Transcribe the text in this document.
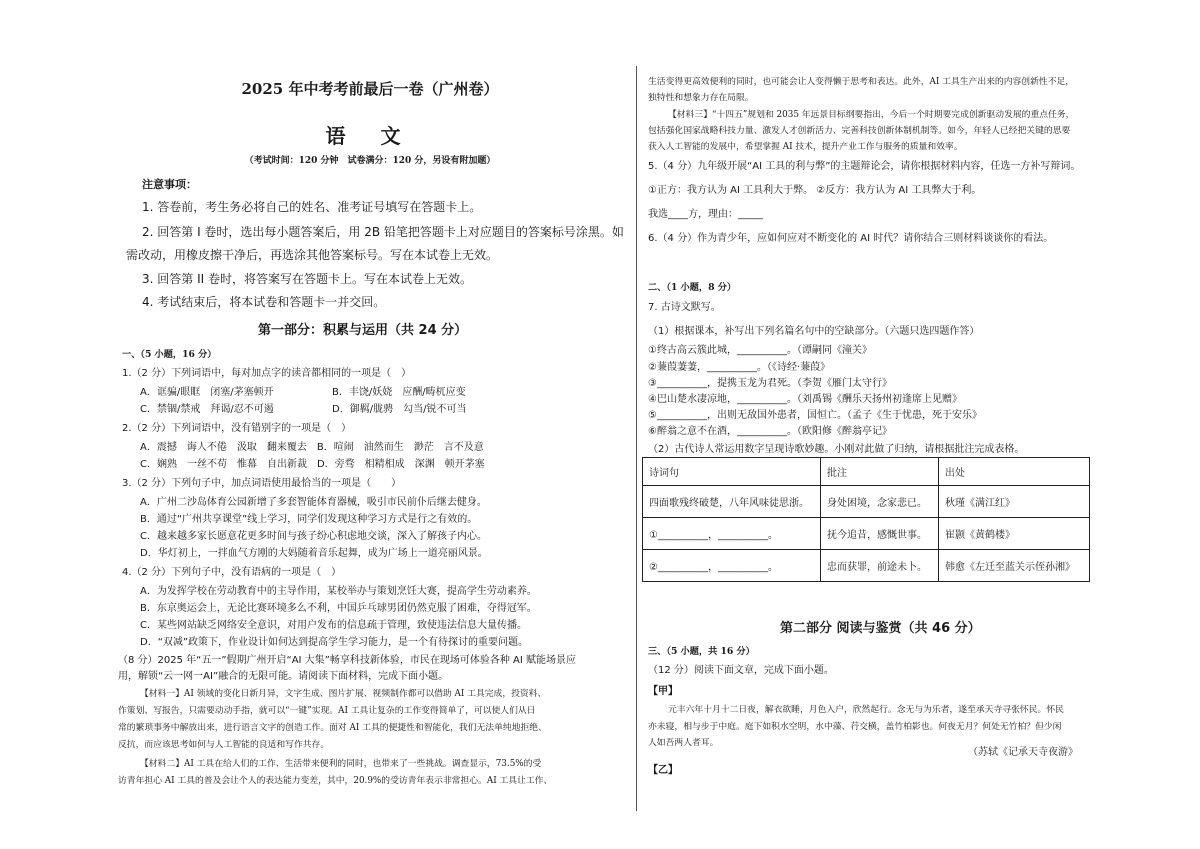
2025 年中考考前最后一卷（广州卷）
语 文
（考试时间：120 分钟　试卷满分：120 分，另设有附加题）
注意事项：
1. 答卷前，考生务必将自己的姓名、准考证号填写在答题卡上。
2. 回答第 I 卷时，选出每小题答案后，用 2B 铅笔把答题卡上对应题目的答案标号涂黑。如
需改动，用橡皮擦干净后，再选涂其他答案标号。写在本试卷上无效。
3. 回答第 II 卷时，将答案写在答题卡上。写在本试卷上无效。
4. 考试结束后，将本试卷和答题卡一并交回。
第一部分：积累与运用（共 24 分）
一、（5 小题，16 分）
1.（2 分）下列词语中，每对加点字的读音都相同的一项是（　）
A．诓骗/眼眶　闭塞/茅塞顿开	B．丰饶/妖娆　应酬/畴杌应变
C．禁锢/禁戒　拜谒/忍不可遏	D．御羁/胧骋　勾当/锐不可当
2.（2 分）下列词语中，没有错别字的一项是（　）
A．震撼　诲人不倦　汲取　翻来覆去　B．喧闹　油然而生　渺茫　言不及意
C．娴熟　一丝不苟　惟幕　自出新裁　D．旁骛　相精相成　深渊　顿开茅塞
3.（2 分）下列句子中，加点词语使用最恰当的一项是（　　）
A．广州二沙岛体育公园新增了多套智能体育器械，吸引市民前仆后继去健身。
B．通过“广州共享课堂”线上学习，同学们发现这种学习方式是行之有效的。
C．越来越多家长愿意花更多时间与孩子纷心积虑地交谈，深入了解孩子内心。
D．华灯初上，一拌血气方刚的大妈随着音乐起舞，成为广场上一道亮丽风景。
4.（2 分）下列句子中，没有语病的一项是（　）
A．为发挥学校在劳动教育中的主导作用，某校举办与策划烹饪大赛，提高学生劳动素养。
B．东京奥运会上，无论比赛环境多么不利，中国乒乓球男团仍然克服了困难，夺得冠军。
C．某些网站缺乏网络安全意识，对用户发布的信息疏于管理，致使违法信息大量传播。
D．“双减”政策下，作业设计如何达到提高学生学习能力，是一个有待探讨的重要问题。
（8 分）2025 年“五一”假期广州开启“AI 大集”畅享科技新体验，市民在现场可体验各种 AI 赋能场景应
用，解锁“云一网一AI”融合的无限可能。请阅读下面材料，完成下面小题。
【材料一】AI 领域的变化日新月异，文字生成、图片扩展、视频制作都可以借助 AI 工具完成，投资料、
作策划、写报告，只需要动动手指，就可以“一键”实现。AI 工具让复杂的工作变得简单了，可以使人们从日
常的繁琐事务中解放出来，进行语言文字的创造工作。面对 AI 工具的便捷性和智能化，我们无法单纯地拒绝、
反抗，而应该思考如何与人工智能的良适和写作共存。
【材料二】AI 工具在给人们的工作、生活带来便利的同时，也带来了一些挑战。调查显示，73.5%的受
访青年担心 AI 工具的普及会让个人的表达能力变差，其中，20.9%的受访青年表示非常担心。AI 工具让工作、
生活变得更高效便利的同时，也可能会让人变得懒于思考和表达。此外，AI 工具生产出来的内容创新性不足，
独特性和想象力存在局限。
【材料三】“十四五”规划和 2035 年远景目标纲要指出，今后一个时期要完成创新驱动发展的重点任务，
包括强化国家战略科技力量、激发人才创新活力、完善科技创新体制机制等。如今，年轻人已经把关键的思要
获入人工智能的发展中，希望掌握 AI 技术，提升产业工作与服务的质量和效率。
5.（4 分）九年级开展“AI 工具的利与弊”的主题辩论会，请你根据材料内容，任选一方补写辩词。
①正方：我方认为 AI 工具利大于弊。 ②反方：我方认为 AI 工具弊大于利。
我选____方，理由：_____
6.（4 分）作为青少年，应如何应对不断变化的 AI 时代？请你结合三则材料谈谈你的看法。
二、（1 小题，8 分）
7. 古诗文默写。
（1）根据课本，补写出下列名篇名句中的空缺部分。（六题只选四题作答）
①终古高云簇此城，__________。（谭嗣同《潼关》
②蒹葭萋萋，__________。（《诗经·蒹葭》
③__________，提携玉龙为君死。（李贺《雁门太守行》
④巴山楚水凄凉地，__________。（刘禹锡《酬乐天扬州初逢席上见赠》
⑤__________，出则无敌国外患者，国恒亡。（孟子《生于忧患，死于安乐》
⑥醉翁之意不在酒，__________。（欧阳修《醉翁亭记》
（2）古代诗人常运用数字呈现诗歌妙趣。小刚对此做了归纳，请根据批注完成表格。
第二部分 阅读与鉴赏（共 46 分）
三、（5 小题，共 16 分）
（12 分）阅读下面文章，完成下面小题。
【甲】
元丰六年十月十二日夜，解衣欲睡，月色入户，欣然起行。念无与为乐者，遂至承天寺寻张怀民。怀民
亦未寝，相与步于中庭。庭下如积水空明，水中藻、荇交横，盖竹柏影也。何夜无月？何处无竹柏？但少闲
人如吾两人者耳。
（苏轼《记承天寺夜游》
【乙】
诗词句	批注	出处
四面歌残终破楚，八年风味徒思浙。	身处困境，念家悲已。	秋瑾《满江红》
①__________，__________。	抚今追昔，感慨世事。	崔颢《黄鹤楼》
②__________，__________。	忠而获罪，前途未卜。	韩愈《左迁至蓝关示侄孙湘》
